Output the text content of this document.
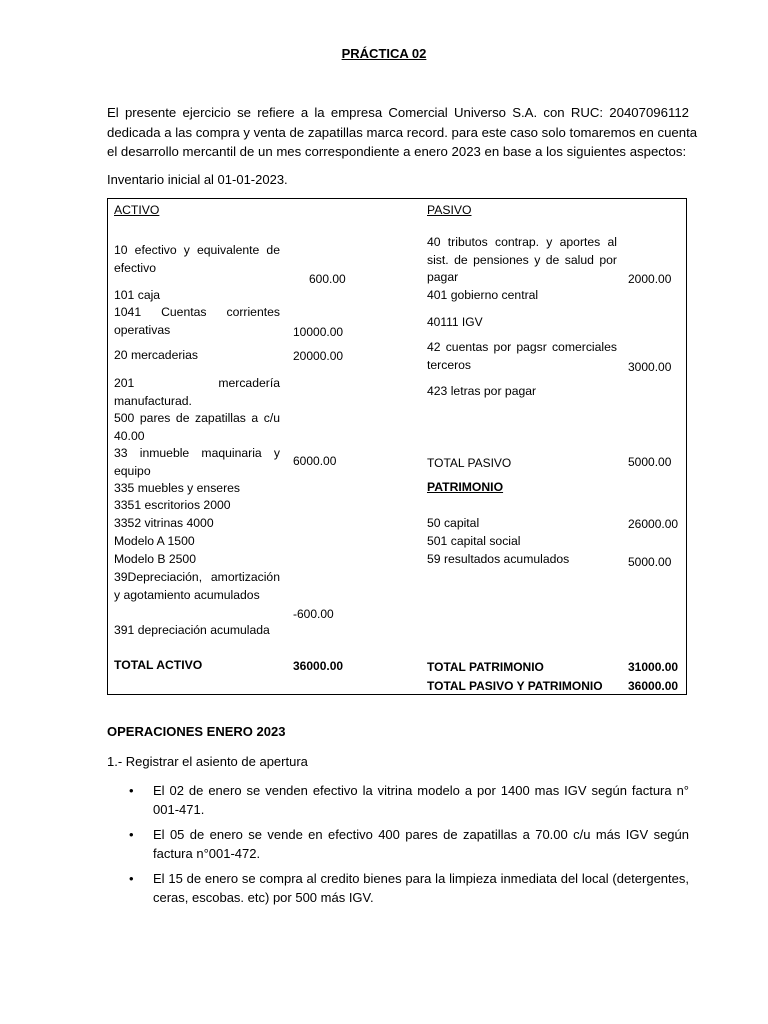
PRÁCTICA 02
El presente ejercicio se refiere a la empresa Comercial Universo S.A. con RUC: 20407096112
dedicada a las compra y venta de zapatillas marca record. para este caso solo tomaremos en cuenta
el desarrollo mercantil de un mes correspondiente a enero 2023 en base a los siguientes aspectos:
Inventario inicial al 01-01-2023.
ACTIVO
10 efectivo y equivalente de efectivo
101 caja
1041 Cuentas corrientes operativas
20 mercaderias
201 mercadería manufacturad.
500 pares de zapatillas a c/u 40.00
33 inmueble maquinaria y equipo
335 muebles y enseres
3351 escritorios 2000
3352 vitrinas 4000
Modelo A 1500
Modelo B 2500
39Depreciación, amortización y agotamiento acumulados
391 depreciación acumulada
TOTAL ACTIVO
600.00
10000.00
20000.00
6000.00
-600.00
36000.00
PASIVO
40 tributos contrap. y aportes al sist. de pensiones y de salud por pagar
401 gobierno central
40111 IGV
42 cuentas por pagsr comerciales terceros
423 letras por pagar
TOTAL PASIVO
PATRIMONIO
50 capital
501 capital social
59 resultados acumulados
TOTAL PATRIMONIO
TOTAL PASIVO Y PATRIMONIO
2000.00
3000.00
5000.00
26000.00
5000.00
31000.00
36000.00
OPERACIONES ENERO 2023
1.- Registrar el asiento de apertura
• El 02 de enero se venden efectivo la vitrina modelo a por 1400 mas IGV según factura n° 001-471.
• El 05 de enero se vende en efectivo 400 pares de zapatillas a 70.00 c/u más IGV según factura n°001-472.
• El 15 de enero se compra al credito bienes para la limpieza inmediata del local (detergentes, ceras, escobas. etc) por 500 más IGV.
